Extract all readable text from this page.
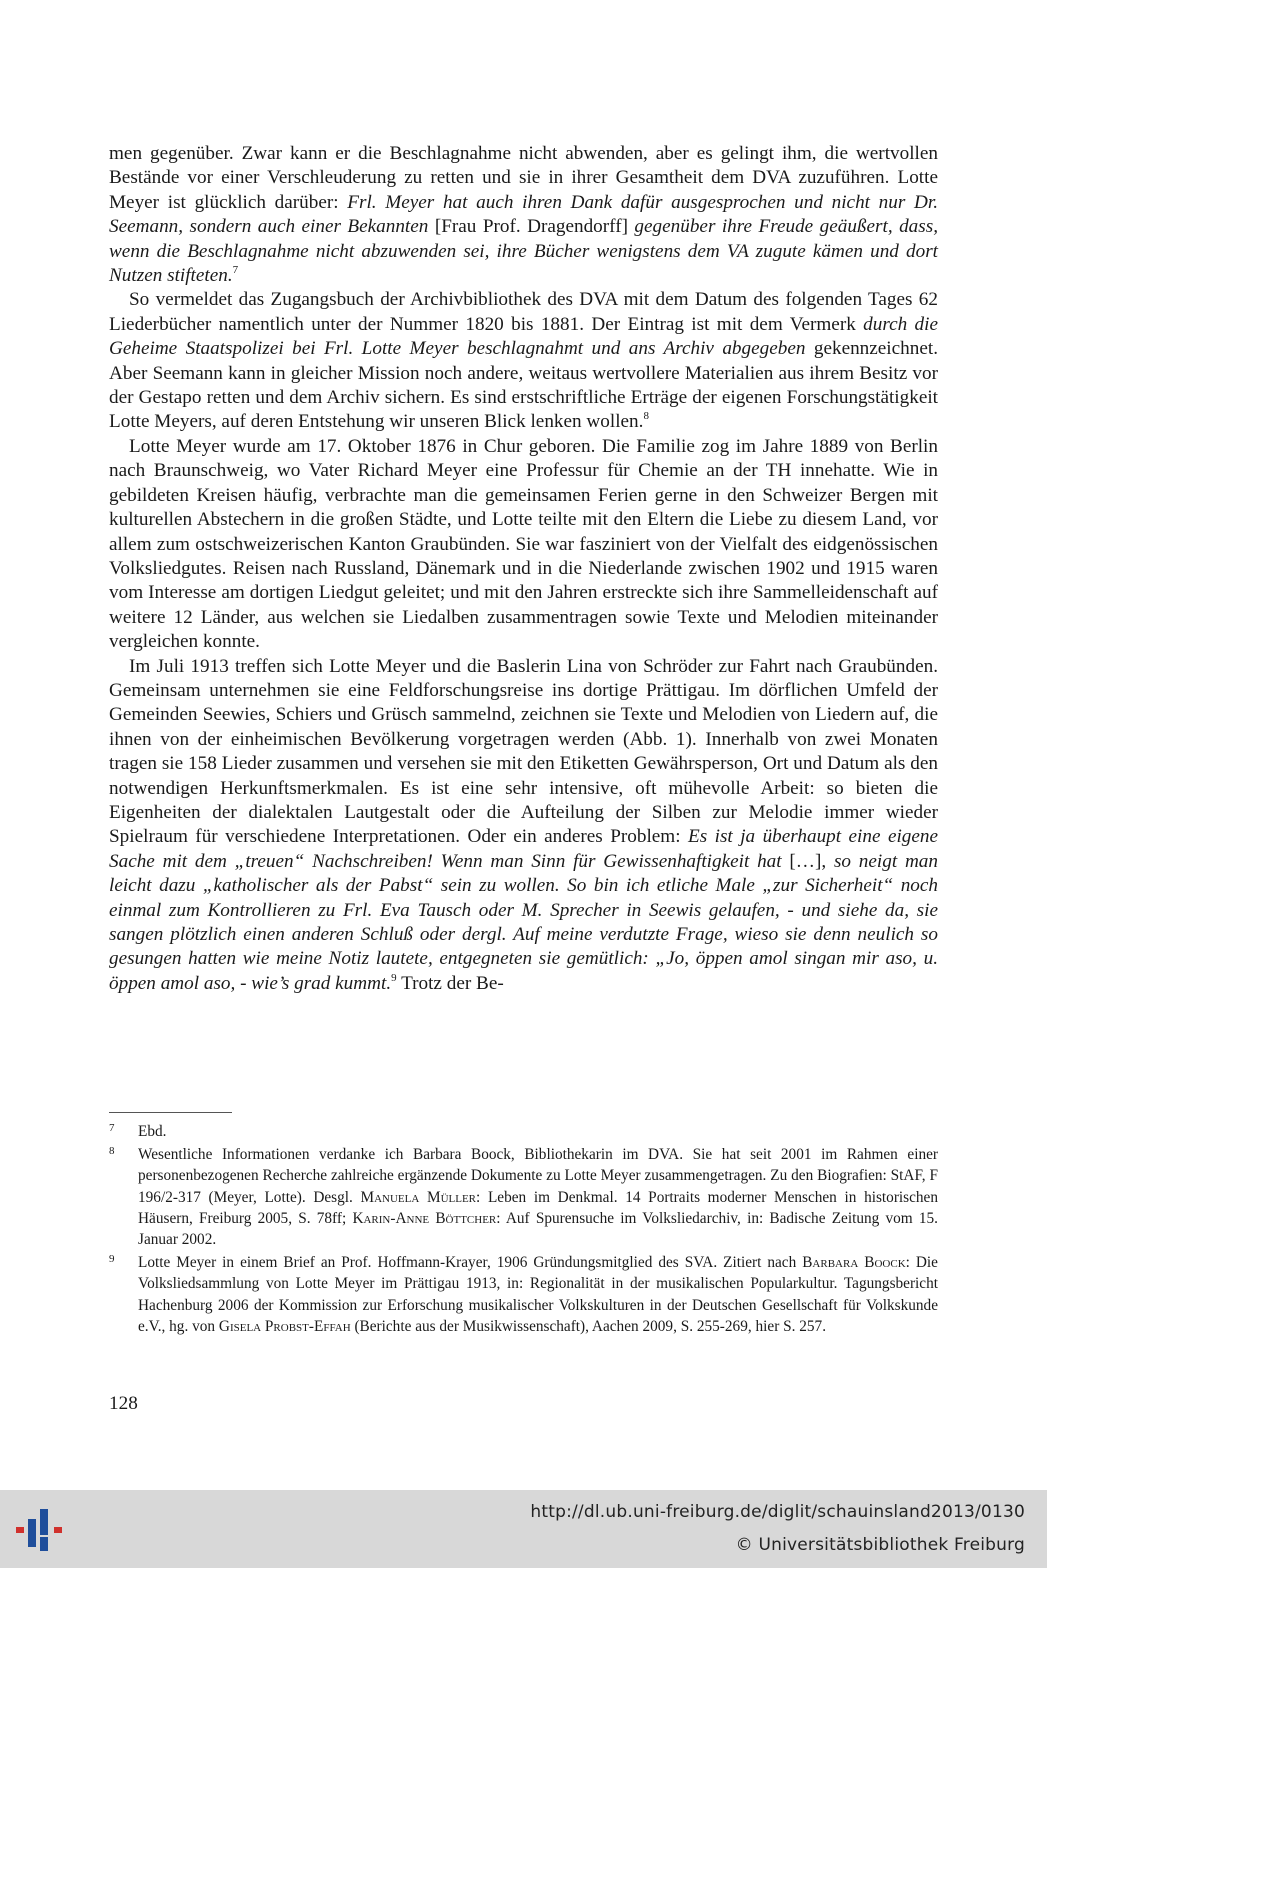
men gegenüber. Zwar kann er die Beschlagnahme nicht abwenden, aber es gelingt ihm, die wertvollen Bestände vor einer Verschleuderung zu retten und sie in ihrer Gesamtheit dem DVA zuzuführen. Lotte Meyer ist glücklich darüber: Frl. Meyer hat auch ihren Dank dafür ausgesprochen und nicht nur Dr. Seemann, sondern auch einer Bekannten [Frau Prof. Dragendorff] gegenüber ihre Freude geäußert, dass, wenn die Beschlagnahme nicht abzuwenden sei, ihre Bücher wenigstens dem VA zugute kämen und dort Nutzen stifteten.$^7$

So vermeldet das Zugangsbuch der Archivbibliothek des DVA mit dem Datum des folgenden Tages 62 Liederbücher namentlich unter der Nummer 1820 bis 1881. Der Eintrag ist mit dem Vermerk durch die Geheime Staatspolizei bei Frl. Lotte Meyer beschlagnahmt und ans Archiv abgegeben gekennzeichnet. Aber Seemann kann in gleicher Mission noch andere, weitaus wertvollere Materialien aus ihrem Besitz vor der Gestapo retten und dem Archiv sichern. Es sind erstschriftliche Erträge der eigenen Forschungstätigkeit Lotte Meyers, auf deren Entstehung wir unseren Blick lenken wollen.$^8$

Lotte Meyer wurde am 17. Oktober 1876 in Chur geboren. Die Familie zog im Jahre 1889 von Berlin nach Braunschweig, wo Vater Richard Meyer eine Professur für Chemie an der TH innehatte. Wie in gebildeten Kreisen häufig, verbrachte man die gemeinsamen Ferien gerne in den Schweizer Bergen mit kulturellen Abstechern in die großen Städte, und Lotte teilte mit den Eltern die Liebe zu diesem Land, vor allem zum ostschweizerischen Kanton Graubünden. Sie war fasziniert von der Vielfalt des eidgenössischen Volksliedgutes. Reisen nach Russland, Dänemark und in die Niederlande zwischen 1902 und 1915 waren vom Interesse am dortigen Liedgut geleitet; und mit den Jahren erstreckte sich ihre Sammelleidenschaft auf weitere 12 Länder, aus welchen sie Liedalben zusammentragen sowie Texte und Melodien miteinander vergleichen konnte.

Im Juli 1913 treffen sich Lotte Meyer und die Baslerin Lina von Schröder zur Fahrt nach Graubünden. Gemeinsam unternehmen sie eine Feldforschungsreise ins dortige Prättigau. Im dörflichen Umfeld der Gemeinden Seewies, Schiers und Grüsch sammelnd, zeichnen sie Texte und Melodien von Liedern auf, die ihnen von der einheimischen Bevölkerung vorgetragen werden (Abb. 1). Innerhalb von zwei Monaten tragen sie 158 Lieder zusammen und versehen sie mit den Etiketten Gewährsperson, Ort und Datum als den notwendigen Herkunftsmerkmalen. Es ist eine sehr intensive, oft mühevolle Arbeit: so bieten die Eigenheiten der dialektalen Lautgestalt oder die Aufteilung der Silben zur Melodie immer wieder Spielraum für verschiedene Interpretationen. Oder ein anderes Problem: Es ist ja überhaupt eine eigene Sache mit dem „treuen“ Nachschreiben! Wenn man Sinn für Gewissenhaftigkeit hat […], so neigt man leicht dazu „katholischer als der Pabst“ sein zu wollen. So bin ich etliche Male „zur Sicherheit“ noch einmal zum Kontrollieren zu Frl. Eva Tausch oder M. Sprecher in Seewis gelaufen, - und siehe da, sie sangen plötzlich einen anderen Schluß oder dergl. Auf meine verdutzte Frage, wieso sie denn neulich so gesungen hatten wie meine Notiz lautete, entgegneten sie gemütlich: „Jo, öppen amol singan mir aso, u. öppen amol aso, - wie’s grad kummt.$^9$ Trotz der Be-

7 Ebd.

8 Wesentliche Informationen verdanke ich Barbara Boock, Bibliothekarin im DVA. Sie hat seit 2001 im Rahmen einer personenbezogenen Recherche zahlreiche ergänzende Dokumente zu Lotte Meyer zusammengetragen. Zu den Biografien: StAF, F 196/2-317 (Meyer, Lotte). Desgl. Manuela Müller: Leben im Denkmal. 14 Portraits moderner Menschen in historischen Häusern, Freiburg 2005, S. 78ff; Karin-Anne Böttcher: Auf Spurensuche im Volksliedarchiv, in: Badische Zeitung vom 15. Januar 2002.

9 Lotte Meyer in einem Brief an Prof. Hoffmann-Krayer, 1906 Gründungsmitglied des SVA. Zitiert nach Barbara Boock: Die Volksliedsammlung von Lotte Meyer im Prättigau 1913, in: Regionalität in der musikalischen Popularkultur. Tagungsbericht Hachenburg 2006 der Kommission zur Erforschung musikalischer Volkskulturen in der Deutschen Gesellschaft für Volkskunde e.V., hg. von Gisela Probst-Effah (Berichte aus der Musikwissenschaft), Aachen 2009, S. 255-269, hier S. 257.

128
http://dl.ub.uni-freiburg.de/diglit/schauinsland2013/0130
© Universitätsbibliothek Freiburg
